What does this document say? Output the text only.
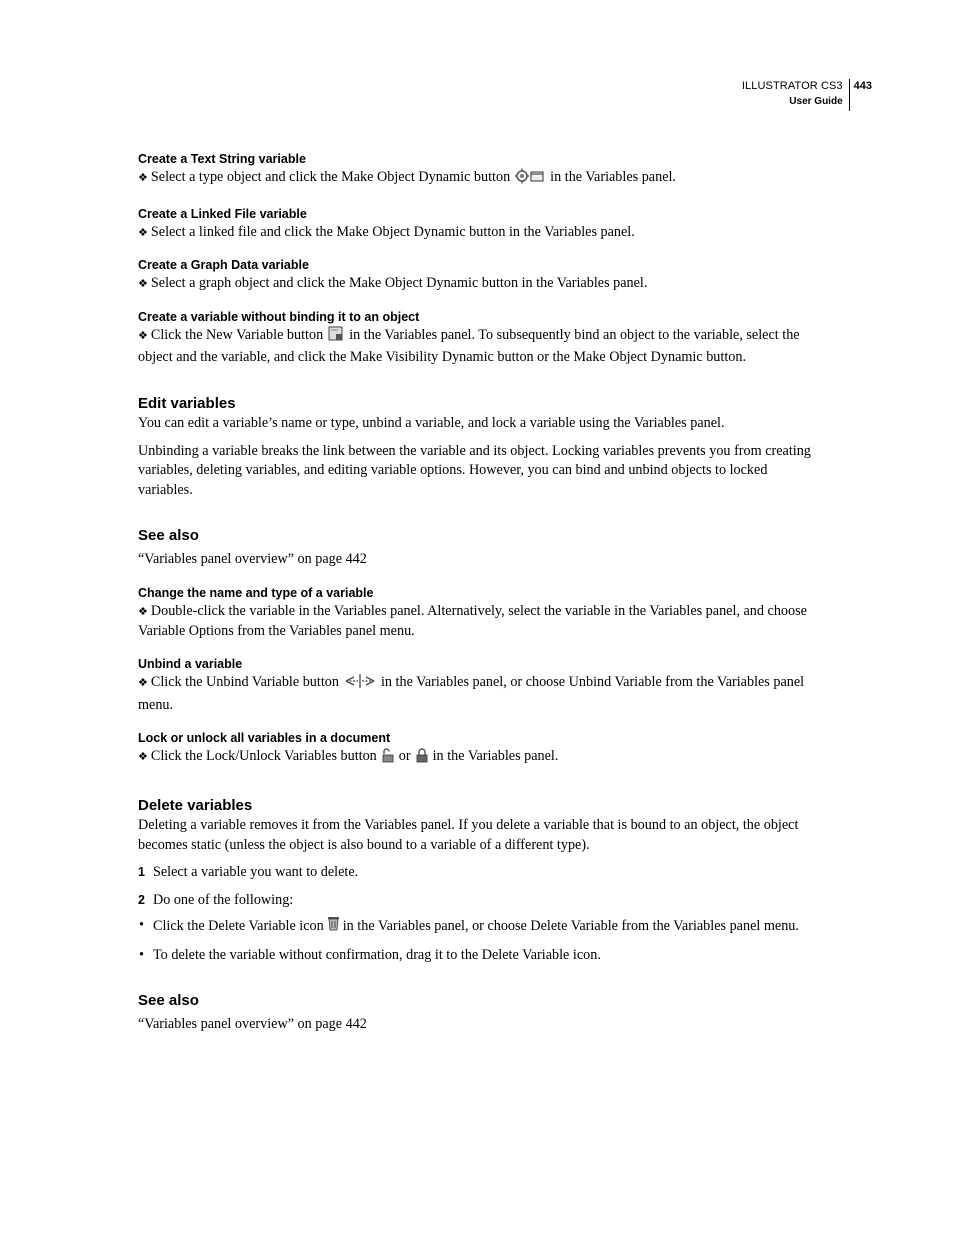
ILLUSTRATOR CS3
User Guide
443
Create a Text String variable

❖ Select a type object and click the Make Object Dynamic button	in the Variables panel.

Create a Linked File variable

❖ Select a linked file and click the Make Object Dynamic button in the Variables panel.

Create a Graph Data variable

❖ Select a graph object and click the Make Object Dynamic button in the Variables panel.

Create a variable without binding it to an object

❖ Click the New Variable button in the Variables panel. To subsequently bind an object to the variable, select the object and the variable, and click the Make Visibility Dynamic button or the Make Object Dynamic button.

Edit variables

You can edit a variable’s name or type, unbind a variable, and lock a variable using the Variables panel.

Unbinding a variable breaks the link between the variable and its object. Locking variables prevents you from creating variables, deleting variables, and editing variable options. However, you can bind and unbind objects to locked variables.

See also

“Variables panel overview” on page 442

Change the name and type of a variable

❖ Double-click the variable in the Variables panel. Alternatively, select the variable in the Variables panel, and choose Variable Options from the Variables panel menu.

Unbind a variable

❖ Click the Unbind Variable button	in the Variables panel, or choose Unbind Variable from the Variables panel menu.

Lock or unlock all variables in a document

❖ Click the Lock/Unlock Variables button or in the Variables panel.

Delete variables

Deleting a variable removes it from the Variables panel. If you delete a variable that is bound to an object, the object becomes static (unless the object is also bound to a variable of a different type).

1 Select a variable you want to delete.

2 Do one of the following:

• Click the Delete Variable icon in the Variables panel, or choose Delete Variable from the Variables panel menu.

• To delete the variable without confirmation, drag it to the Delete Variable icon.

See also

“Variables panel overview” on page 442
